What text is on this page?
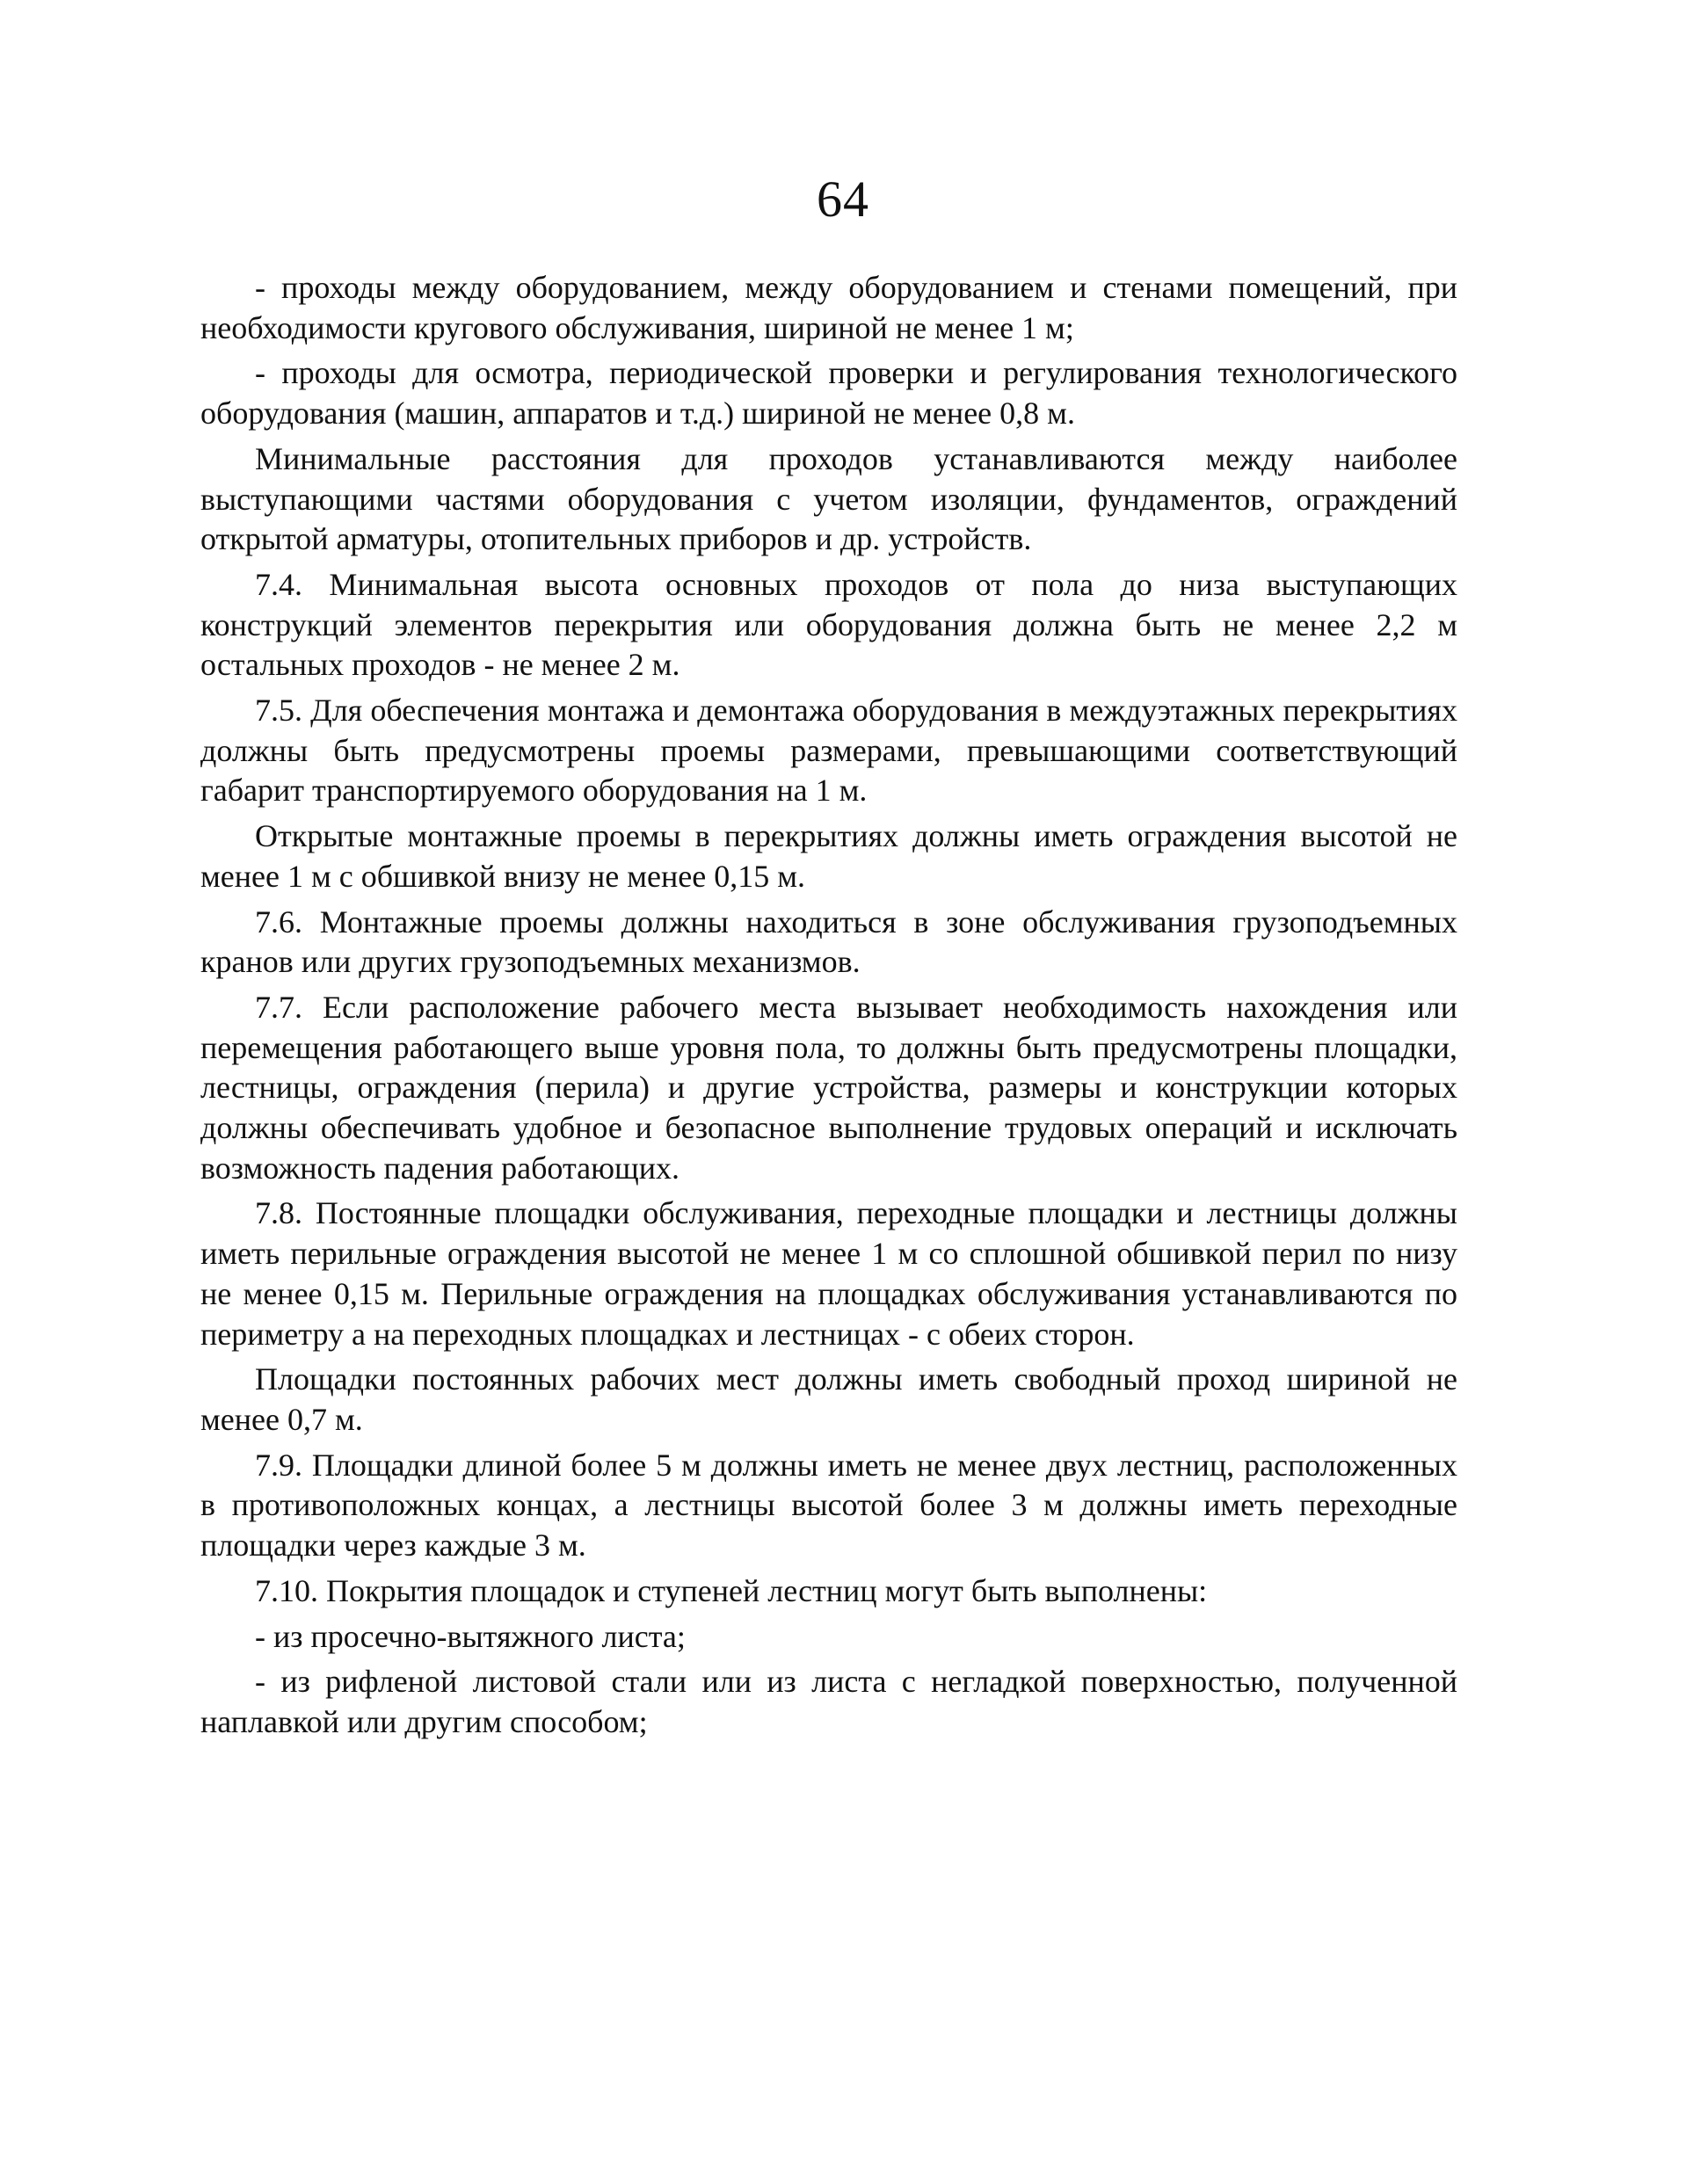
64

- проходы между оборудованием, между оборудованием и стенами помещений, при необходимости кругового обслуживания, шириной не менее 1 м;

- проходы для осмотра, периодической проверки и регулирования технологического оборудования (машин, аппаратов и т.д.) шириной не менее 0,8 м.

Минимальные расстояния для проходов устанавливаются между наиболее выступающими частями оборудования с учетом изоляции, фундаментов, ограждений открытой арматуры, отопительных приборов и др. устройств.

7.4. Минимальная высота основных проходов от пола до низа выступающих конструкций элементов перекрытия или оборудования должна быть не менее 2,2 м остальных проходов - не менее 2 м.

7.5. Для обеспечения монтажа и демонтажа оборудования в междуэтажных перекрытиях должны быть предусмотрены проемы размерами, превышающими соответствующий габарит транспортируемого оборудования на 1 м.

Открытые монтажные проемы в перекрытиях должны иметь ограждения высотой не менее 1 м с обшивкой внизу не менее 0,15 м.

7.6. Монтажные проемы должны находиться в зоне обслуживания грузоподъемных кранов или других грузоподъемных механизмов.

7.7. Если расположение рабочего места вызывает необходимость нахождения или перемещения работающего выше уровня пола, то должны быть предусмотрены площадки, лестницы, ограждения (перила) и другие устройства, размеры и конструкции которых должны обеспечивать удобное и безопасное выполнение трудовых операций и исключать возможность падения работающих.

7.8. Постоянные площадки обслуживания, переходные площадки и лестницы должны иметь перильные ограждения высотой не менее 1 м со сплошной обшивкой перил по низу не менее 0,15 м. Перильные ограждения на площадках обслуживания устанавливаются по периметру а на переходных площадках и лестницах - с обеих сторон.

Площадки постоянных рабочих мест должны иметь свободный проход шириной не менее 0,7 м.

7.9. Площадки длиной более 5 м должны иметь не менее двух лестниц, расположенных в противоположных концах, а лестницы высотой более 3 м должны иметь переходные площадки через каждые 3 м.

7.10. Покрытия площадок и ступеней лестниц могут быть выполнены:

- из просечно-вытяжного листа;

- из рифленой листовой стали или из листа с негладкой поверхностью, полученной наплавкой или другим способом;
